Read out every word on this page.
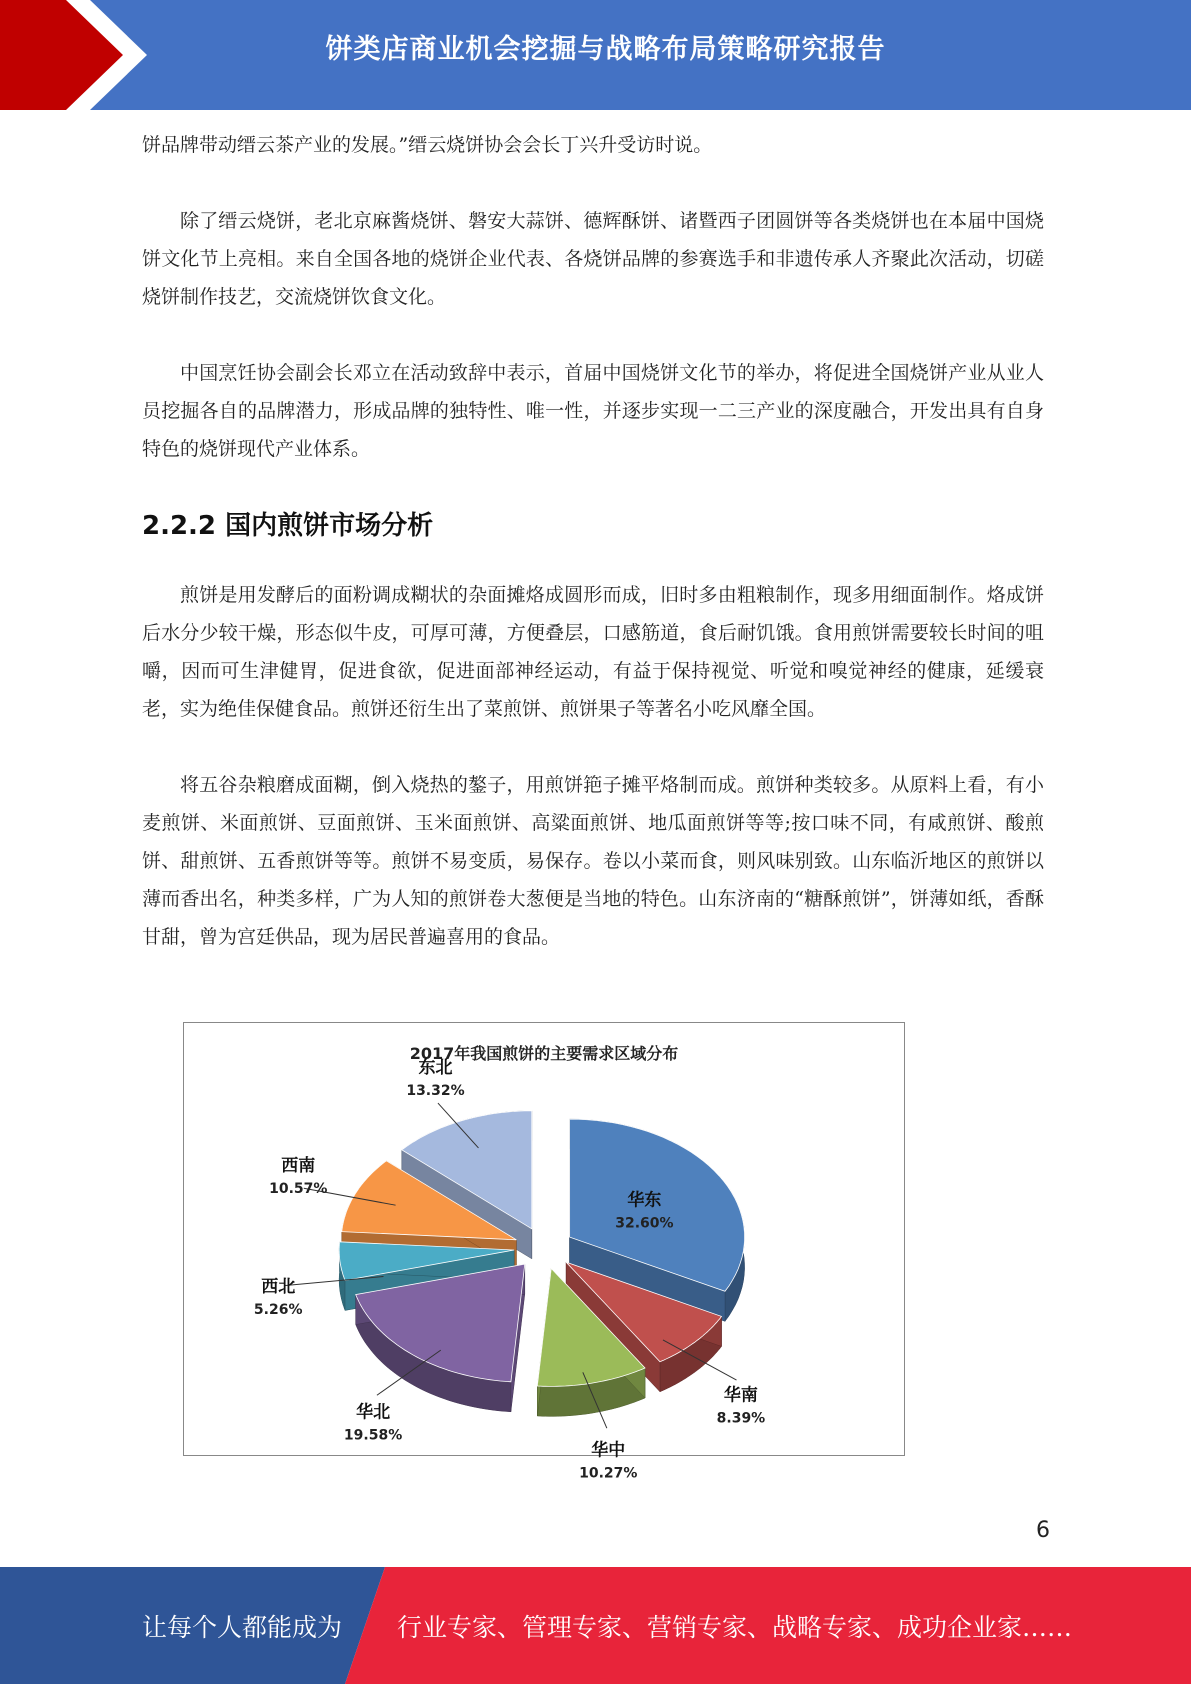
饼类店商业机会挖掘与战略布局策略研究报告

饼品牌带动缙云茶产业的发展。”缙云烧饼协会会长丁兴升受访时说。

除了缙云烧饼，老北京麻酱烧饼、磐安大蒜饼、德辉酥饼、诸暨西子团圆饼等各类烧饼也在本届中国烧饼文化节上亮相。来自全国各地的烧饼企业代表、各烧饼品牌的参赛选手和非遗传承人齐聚此次活动，切磋烧饼制作技艺，交流烧饼饮食文化。

中国烹饪协会副会长邓立在活动致辞中表示，首届中国烧饼文化节的举办，将促进全国烧饼产业从业人员挖掘各自的品牌潜力，形成品牌的独特性、唯一性，并逐步实现一二三产业的深度融合，开发出具有自身特色的烧饼现代产业体系。

2.2.2 国内煎饼市场分析

煎饼是用发酵后的面粉调成糊状的杂面摊烙成圆形而成，旧时多由粗粮制作，现多用细面制作。烙成饼后水分少较干燥，形态似牛皮，可厚可薄，方便叠层，口感筋道，食后耐饥饿。食用煎饼需要较长时间的咀嚼，因而可生津健胃，促进食欲，促进面部神经运动，有益于保持视觉、听觉和嗅觉神经的健康，延缓衰老，实为绝佳保健食品。煎饼还衍生出了菜煎饼、煎饼果子等著名小吃风靡全国。

将五谷杂粮磨成面糊，倒入烧热的鏊子，用煎饼筢子摊平烙制而成。煎饼种类较多。从原料上看，有小麦煎饼、米面煎饼、豆面煎饼、玉米面煎饼、高粱面煎饼、地瓜面煎饼等等;按口味不同，有咸煎饼、酸煎饼、甜煎饼、五香煎饼等等。煎饼不易变质，易保存。卷以小菜而食，则风味别致。山东临沂地区的煎饼以薄而香出名，种类多样，广为人知的煎饼卷大葱便是当地的特色。山东济南的“糖酥煎饼”，饼薄如纸，香酥甘甜，曾为宫廷供品，现为居民普遍喜用的食品。

2017年我国煎饼的主要需求区域分布
华东
32.60%
华南
8.39%
华中
10.27%
华北
19.58%
西北
5.26%
西南
10.57%
东北
13.32%
6
让每个人都能成为 行业专家、管理专家、营销专家、战略专家、成功企业家……
